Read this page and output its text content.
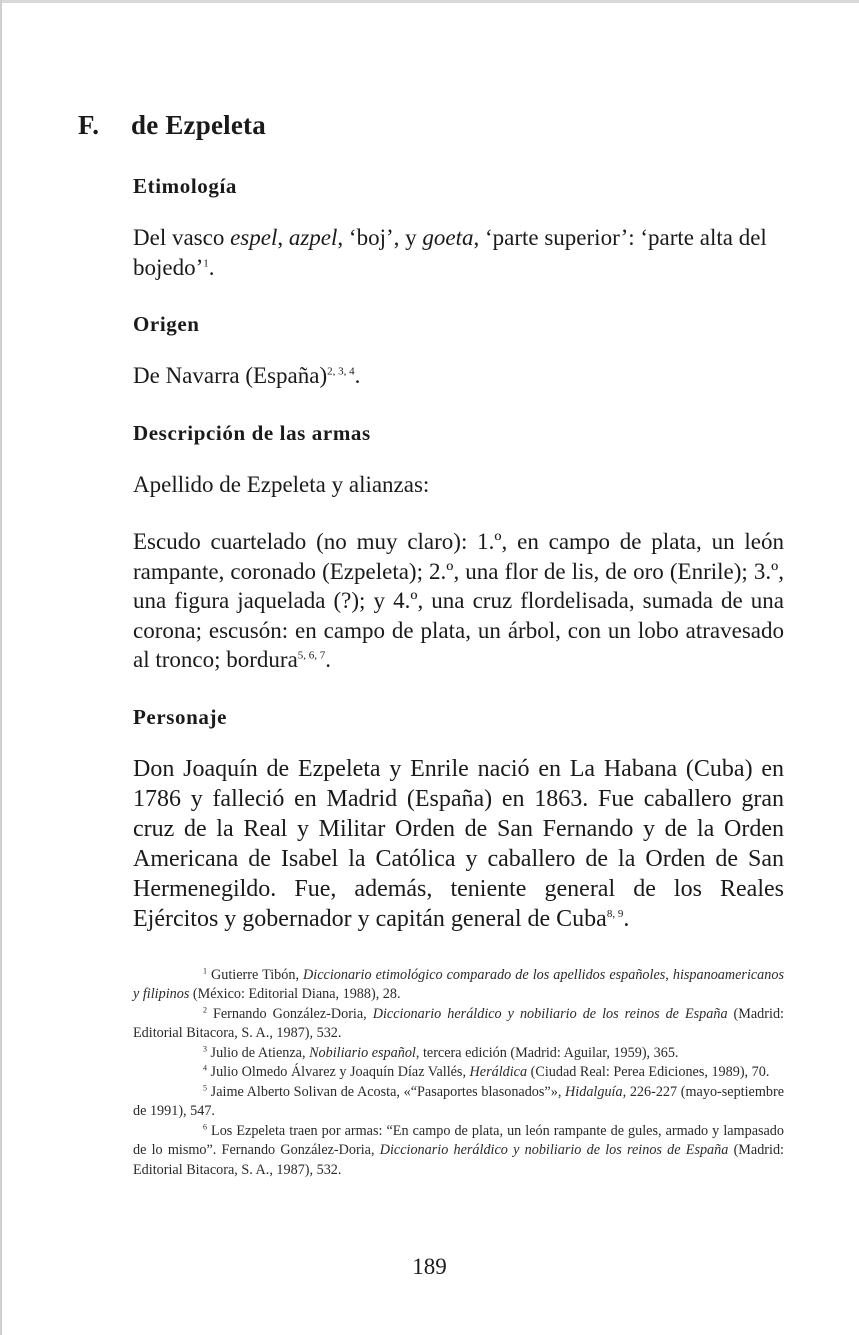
F. de Ezpeleta
Etimología

Del vasco espel, azpel, ‘boj’, y goeta, ‘parte superior’: ‘parte alta del bojedo’$^1$.

Origen

De Navarra (España)$^{2, 3, 4}$.

Descripción de las armas

Apellido de Ezpeleta y alianzas:

Escudo cuartelado (no muy claro): 1.º, en campo de plata, un león rampante, coronado (Ezpeleta); 2.º, una flor de lis, de oro (Enrile); 3.º, una figura jaquelada (?); y 4.º, una cruz flordelisada, sumada de una corona; escusón: en campo de plata, un árbol, con un lobo atravesado al tronco; bordura$^{5, 6, 7}$.

Personaje

Don Joaquín de Ezpeleta y Enrile nació en La Habana (Cuba) en 1786 y falleció en Madrid (España) en 1863. Fue caballero gran cruz de la Real y Militar Orden de San Fernando y de la Orden Americana de Isabel la Católica y caballero de la Orden de San Hermenegildo. Fue, además, teniente general de los Reales Ejércitos y gobernador y capitán general de Cuba$^{8, 9}$.

$^1$ Gutierre Tibón, Diccionario etimológico comparado de los apellidos españoles, hispanoamericanos y filipinos (México: Editorial Diana, 1988), 28.

$^2$ Fernando González-Doria, Diccionario heráldico y nobiliario de los reinos de España (Madrid: Editorial Bitacora, S. A., 1987), 532.

$^3$ Julio de Atienza, Nobiliario español, tercera edición (Madrid: Aguilar, 1959), 365.

$^4$ Julio Olmedo Álvarez y Joaquín Díaz Vallés, Heráldica (Ciudad Real: Perea Ediciones, 1989), 70.

$^5$ Jaime Alberto Solivan de Acosta, «“Pasaportes blasonados”», Hidalguía, 226-227 (mayo-septiembre de 1991), 547.

$^6$ Los Ezpeleta traen por armas: “En campo de plata, un león rampante de gules, armado y lampasado de lo mismo”. Fernando González-Doria, Diccionario heráldico y nobiliario de los reinos de España (Madrid: Editorial Bitacora, S. A., 1987), 532.

189
